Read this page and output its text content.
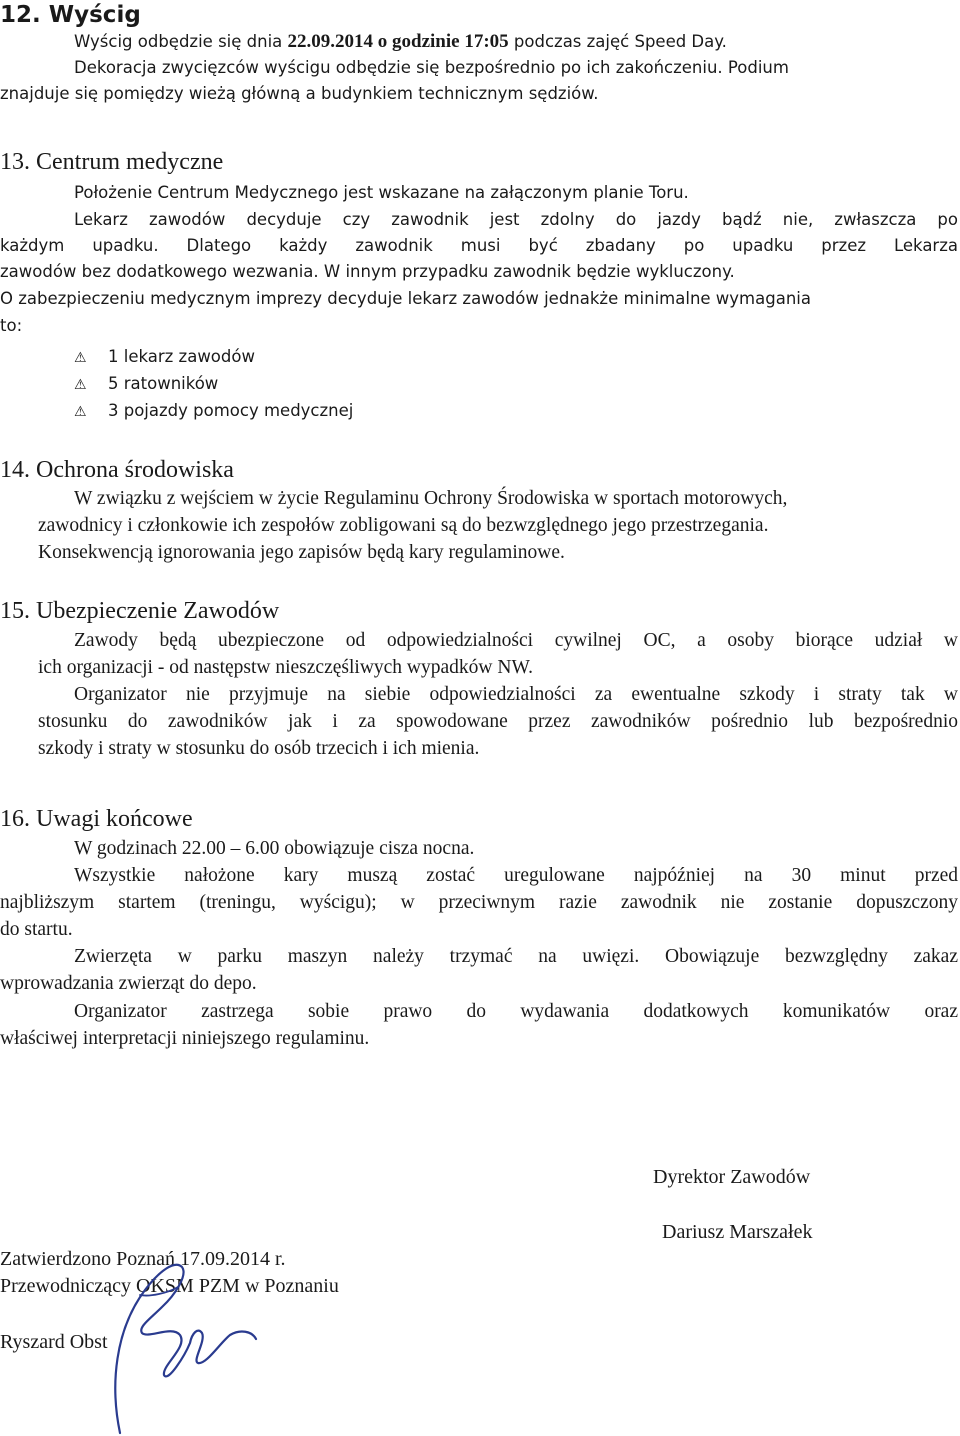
12. Wyścig
Wyścig odbędzie się dnia 22.09.2014 o godzinie 17:05 podczas zajęć Speed Day.
Dekoracja zwycięzców wyścigu odbędzie się bezpośrednio po ich zakończeniu. Podium
znajduje się pomiędzy wieżą główną a budynkiem technicznym sędziów.
13. Centrum medyczne
Położenie Centrum Medycznego jest wskazane na załączonym planie Toru.
Lekarz zawodów decyduje czy zawodnik jest zdolny do jazdy bądź nie, zwłaszcza po
każdym upadku. Dlatego każdy zawodnik musi być zbadany po upadku przez Lekarza
zawodów bez dodatkowego wezwania. W innym przypadku zawodnik będzie wykluczony.
O zabezpieczeniu medycznym imprezy decyduje lekarz zawodów jednakże minimalne wymagania
to:
⚠ 1 lekarz zawodów
⚠ 5 ratowników
⚠ 3 pojazdy pomocy medycznej
14. Ochrona środowiska
W związku z wejściem w życie Regulaminu Ochrony Środowiska w sportach motorowych,
zawodnicy i członkowie ich zespołów zobligowani są do bezwzględnego jego przestrzegania.
Konsekwencją ignorowania jego zapisów będą kary regulaminowe.
15. Ubezpieczenie Zawodów
Zawody będą ubezpieczone od odpowiedzialności cywilnej OC, a osoby biorące udział w
ich organizacji - od następstw nieszczęśliwych wypadków NW.
Organizator nie przyjmuje na siebie odpowiedzialności za ewentualne szkody i straty tak w
stosunku do zawodników jak i za spowodowane przez zawodników pośrednio lub bezpośrednio
szkody i straty w stosunku do osób trzecich i ich mienia.
16. Uwagi końcowe
W godzinach 22.00 – 6.00 obowiązuje cisza nocna.
Wszystkie nałożone kary muszą zostać uregulowane najpóźniej na 30 minut przed
najbliższym startem (treningu, wyścigu); w przeciwnym razie zawodnik nie zostanie dopuszczony
do startu.
Zwierzęta w parku maszyn należy trzymać na uwięzi. Obowiązuje bezwzględny zakaz
wprowadzania zwierząt do depo.
Organizator zastrzega sobie prawo do wydawania dodatkowych komunikatów oraz
właściwej interpretacji niniejszego regulaminu.
Dyrektor Zawodów
Dariusz Marszałek
Zatwierdzono Poznań 17.09.2014 r.
Przewodniczący OKSM PZM w Poznaniu
Ryszard Obst
